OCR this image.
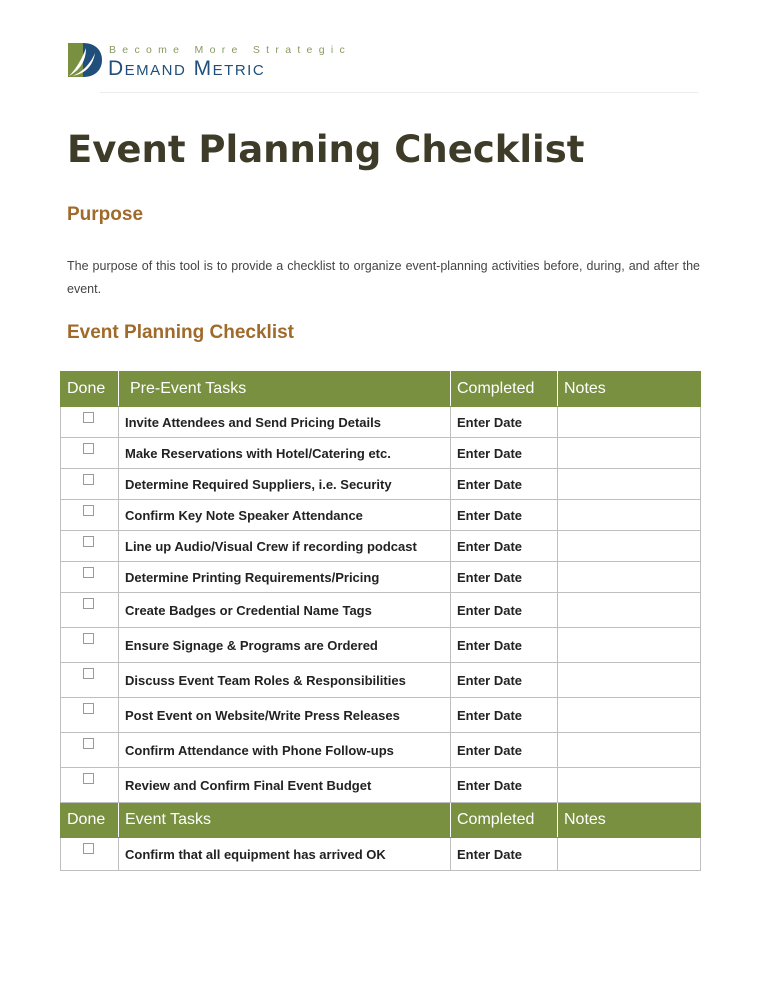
Become More Strategic
Demand Metric
Event Planning Checklist
Purpose

The purpose of this tool is to provide a checklist to organize event-planning activities before, during, and after the event.

Event Planning Checklist
Done	Pre-Event Tasks	Completed	Notes

	Invite Attendees and Send Pricing Details	Enter Date	

	Make Reservations with Hotel/Catering etc.	Enter Date	

	Determine Required Suppliers, i.e. Security	Enter Date	

	Confirm Key Note Speaker Attendance	Enter Date	

	Line up Audio/Visual Crew if recording podcast	Enter Date	

	Determine Printing Requirements/Pricing	Enter Date	

	Create Badges or Credential Name Tags	Enter Date	

	Ensure Signage & Programs are Ordered	Enter Date	

	Discuss Event Team Roles & Responsibilities	Enter Date	

	Post Event on Website/Write Press Releases	Enter Date	

	Confirm Attendance with Phone Follow-ups	Enter Date	

	Review and Confirm Final Event Budget	Enter Date	
Done	Event Tasks	Completed	Notes

	Confirm that all equipment has arrived OK	Enter Date	
